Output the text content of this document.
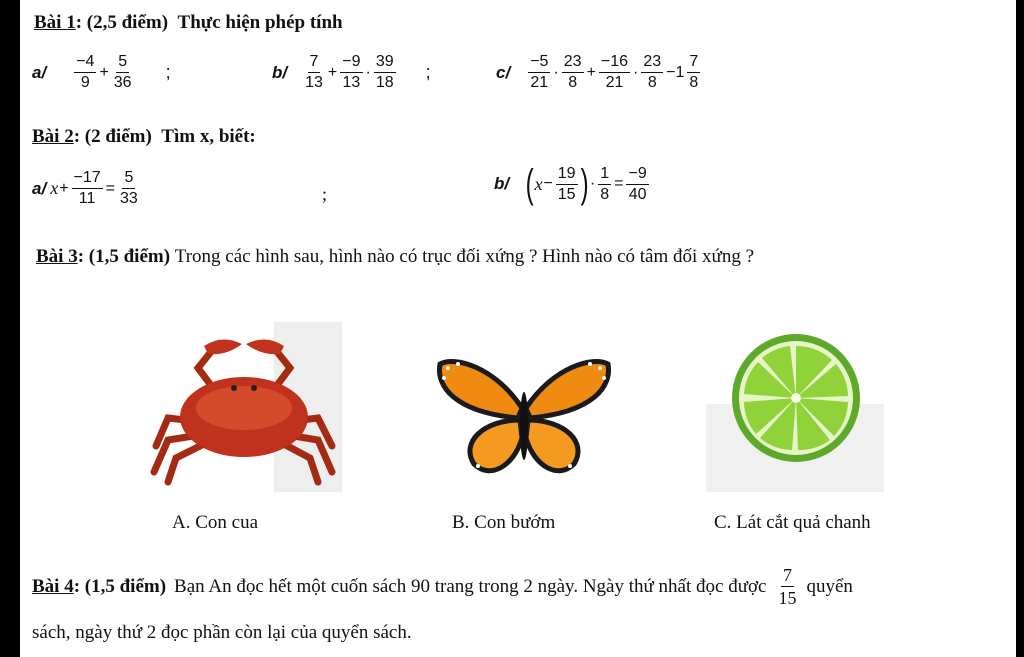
Bài 1: (2,5 điểm) Thực hiện phép tính
$a/ \frac{-4}{9} + \frac{5}{36}$ ;	$b/ \frac{7}{13} + \frac{-9}{13} \cdot \frac{39}{18}$ ;	$c/ \frac{-5}{21} \cdot \frac{23}{8} + \frac{-16}{21} \cdot \frac{23}{8} -1 \frac{7}{8}$
Bài 2: (2 điểm) Tìm x, biết:
a/ $x + \frac{-17}{11} = \frac{5}{33}$	;
b/ ( $x - \frac{19}{15}$ ) · $\frac{1}{8} = \frac{-9}{40}$
Bài 3: (1,5 điểm) Trong các hình sau, hình nào có trục đối xứng ? Hình nào có tâm đối xứng ?
A. Con cua	B. Con bướm	C. Lát cắt quả chanh
Bài 4: (1,5 điểm) Bạn An đọc hết một cuốn sách 90 trang trong 2 ngày. Ngày thứ nhất đọc được $\frac{7}{15}$ quyển
sách, ngày thứ 2 đọc phần còn lại của quyển sách.
